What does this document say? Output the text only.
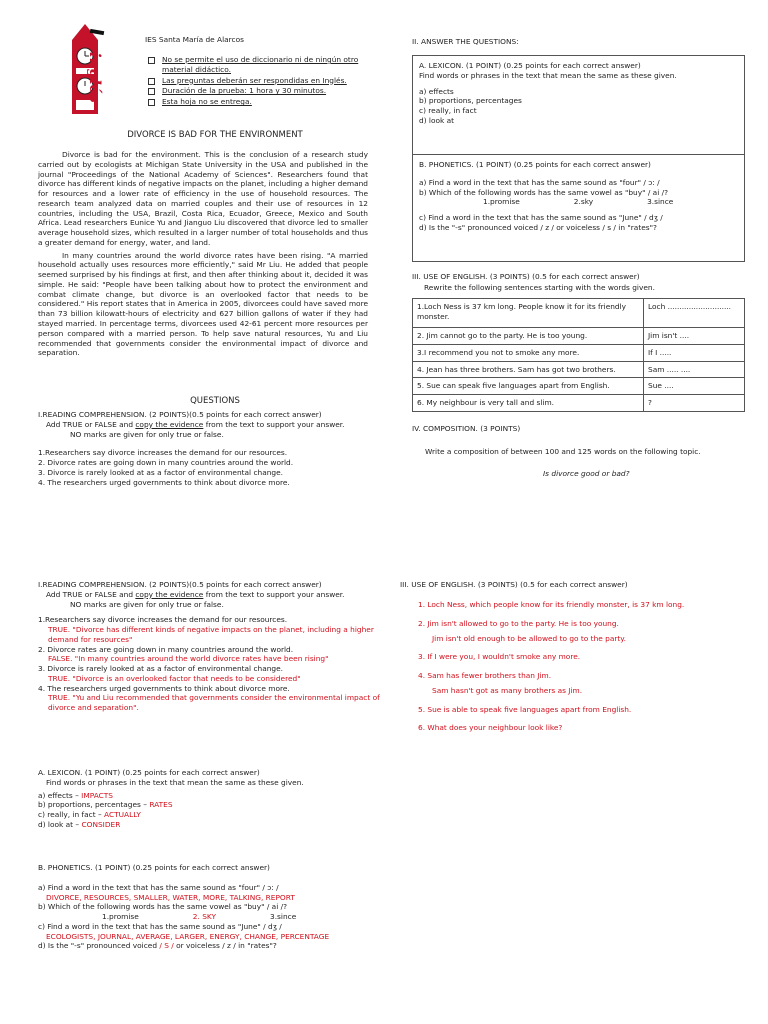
inglés
IES Santa María de Alarcos
No se permite el uso de diccionario ni de ningún otro material didáctico.
Las preguntas deberán ser respondidas en Inglés.
Duración de la prueba: 1 hora y 30 minutos.
Esta hoja no se entrega.
DIVORCE IS BAD FOR THE ENVIRONMENT

Divorce is bad for the environment. This is the conclusion of a research study carried out by ecologists at Michigan State University in the USA and published in the journal "Proceedings of the National Academy of Sciences". Researchers found that divorce has different kinds of negative impacts on the planet, including a higher demand for resources and a lower rate of efficiency in the use of household resources. The research team analyzed data on married couples and their use of resources in 12 countries, including the USA, Brazil, Costa Rica, Ecuador, Greece, Mexico and South Africa. Lead researchers Eunice Yu and Jianguo Liu discovered that divorce led to smaller average household sizes, which resulted in a larger number of total households and thus a greater demand for energy, water, and land.

In many countries around the world divorce rates have been rising. "A married household actually uses resources more efficiently," said Mr Liu. He added that people seemed surprised by his findings at first, and then after thinking about it, decided it was simple. He said: "People have been talking about how to protect the environment and combat climate change, but divorce is an overlooked factor that needs to be considered." His report states that in America in 2005, divorcees could have saved more than 73 billion kilowatt-hours of electricity and 627 billion gallons of water if they had stayed married. In percentage terms, divorcees used 42-61 percent more resources per person compared with a married person. To help save natural resources, Yu and Liu recommended that governments consider the environmental impact of divorce and separation.

QUESTIONS
I.READING COMPREHENSION. (2 POINTS)(0.5 points for each correct answer)
Add TRUE or FALSE and copy the evidence from the text to support your answer.
NO marks are given for only true or false.
1.Researchers say divorce increases the demand for our resources.
2. Divorce rates are going down in many countries around the world.
3. Divorce is rarely looked at as a factor of environmental change.
4. The researchers urged governments to think about divorce more.
II. ANSWER THE QUESTIONS:
A. LEXICON. (1 POINT) (0.25 points for each correct answer)
Find words or phrases in the text that mean the same as these given.
a) effects
b) proportions, percentages
c) really, in fact
d) look at
B. PHONETICS. (1 POINT) (0.25 points for each correct answer)
a) Find a word in the text that has the same sound as "four" / ɔ: /
b) Which of the following words has the same vowel as "buy" / ai /?
1.promise	2.sky	3.since
c) Find a word in the text that has the same sound as "June" / dʒ /
d) Is the "-s" pronounced voiced / z / or voiceless / s / in "rates"?
III. USE OF ENGLISH. (3 POINTS) (0.5 for each correct answer)
Rewrite the following sentences starting with the words given.
1.Loch Ness is 37 km long. People know it for its friendly monster.	Loch ...........................
2. Jim cannot go to the party. He is too young.	Jim isn't ....
3.I recommend you not to smoke any more.	If I .....
4. Jean has three brothers. Sam has got two brothers.	Sam ..... ....
5. Sue can speak five languages apart from English.	Sue ....
6. My neighbour is very tall and slim.	?
IV. COMPOSITION. (3 POINTS)
Write a composition of between 100 and 125 words on the following topic.
Is divorce good or bad?
I.READING COMPREHENSION. (2 POINTS)(0.5 points for each correct answer)
Add TRUE or FALSE and copy the evidence from the text to support your answer.
NO marks are given for only true or false.
1.Researchers say divorce increases the demand for our resources.
TRUE. "Divorce has different kinds of negative impacts on the planet, including a higher demand for resources"
2. Divorce rates are going down in many countries around the world.
FALSE. "In many countries around the world divorce rates have been rising"
3. Divorce is rarely looked at as a factor of environmental change.
TRUE. "Divorce is an overlooked factor that needs to be considered"
4. The researchers urged governments to think about divorce more.
TRUE. "Yu and Liu recommended that governments consider the environmental impact of divorce and separation".
A. LEXICON. (1 POINT) (0.25 points for each correct answer)
Find words or phrases in the text that mean the same as these given.
a) effects – IMPACTS
b) proportions, percentages – RATES
c) really, in fact – ACTUALLY
d) look at – CONSIDER
B. PHONETICS. (1 POINT) (0.25 points for each correct answer)
a) Find a word in the text that has the same sound as "four" / ɔ: /
DIVORCE, RESOURCES, SMALLER, WATER, MORE, TALKING, REPORT
b) Which of the following words has the same vowel as "buy" / ai /?
1.promise	2. SKY	3.since
c) Find a word in the text that has the same sound as "June" / dʒ /
ECOLOGISTS, JOURNAL, AVERAGE, LARGER, ENERGY, CHANGE, PERCENTAGE
d) Is the "-s" pronounced voiced / S / or voiceless / z / in "rates"?
III. USE OF ENGLISH. (3 POINTS) (0.5 for each correct answer)
1. Loch Ness, which people know for its friendly monster, is 37 km long.
2. Jim isn't allowed to go to the party. He is too young.
Jim isn't old enough to be allowed to go to the party.
3. If I were you, I wouldn't smoke any more.
4. Sam has fewer brothers than Jim.
Sam hasn't got as many brothers as Jim.
5. Sue is able to speak five languages apart from English.
6. What does your neighbour look like?
